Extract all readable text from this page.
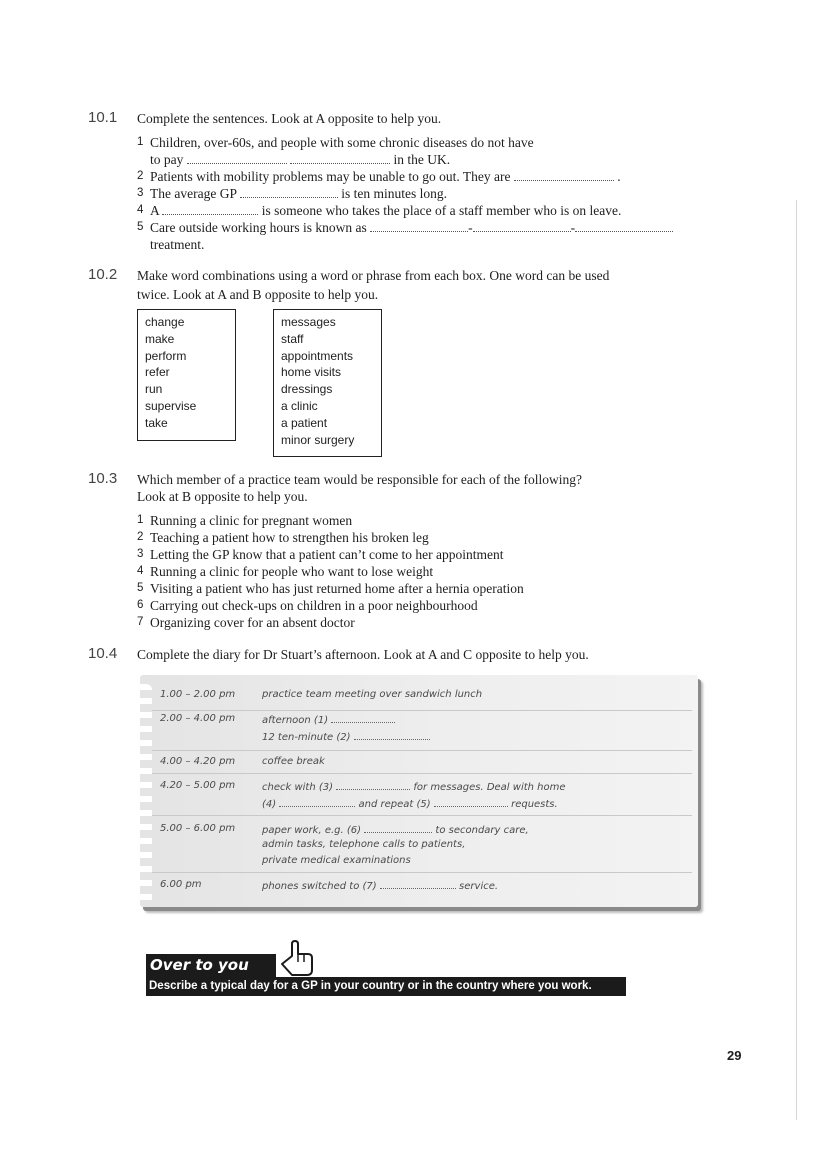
10.1 Complete the sentences. Look at A opposite to help you.
1 Children, over-60s, and people with some chronic diseases do not have
to pay	in the UK.
2 Patients with mobility problems may be unable to go out. They are	.
3 The average GP	is ten minutes long.
4 A	is someone who takes the place of a staff member who is on leave.
5 Care outside working hours is known as	-	-
treatment.
10.2 Make word combinations using a word or phrase from each box. One word can be used
twice. Look at A and B opposite to help you.
change
make
perform
refer
run
supervise
take
messages
staff
appointments
home visits
dressings
a clinic
a patient
minor surgery
10.3 Which member of a practice team would be responsible for each of the following?
Look at B opposite to help you.
1 Running a clinic for pregnant women
2 Teaching a patient how to strengthen his broken leg
3 Letting the GP know that a patient can’t come to her appointment
4 Running a clinic for people who want to lose weight
5 Visiting a patient who has just returned home after a hernia operation
6 Carrying out check-ups on children in a poor neighbourhood
7 Organizing cover for an absent doctor
10.4 Complete the diary for Dr Stuart’s afternoon. Look at A and C opposite to help you.
1.00 – 2.00 pm	practice team meeting over sandwich lunch
2.00 – 4.00 pm	afternoon (1)
12 ten-minute (2)
4.00 – 4.20 pm	coffee break
4.20 – 5.00 pm	check with (3)	for messages. Deal with home
(4)	and repeat (5)	requests.
5.00 – 6.00 pm	paper work, e.g. (6)	to secondary care,
admin tasks, telephone calls to patients,
private medical examinations
6.00 pm	phones switched to (7)	service.
Over to you
Describe a typical day for a GP in your country or in the country where you work.
29
